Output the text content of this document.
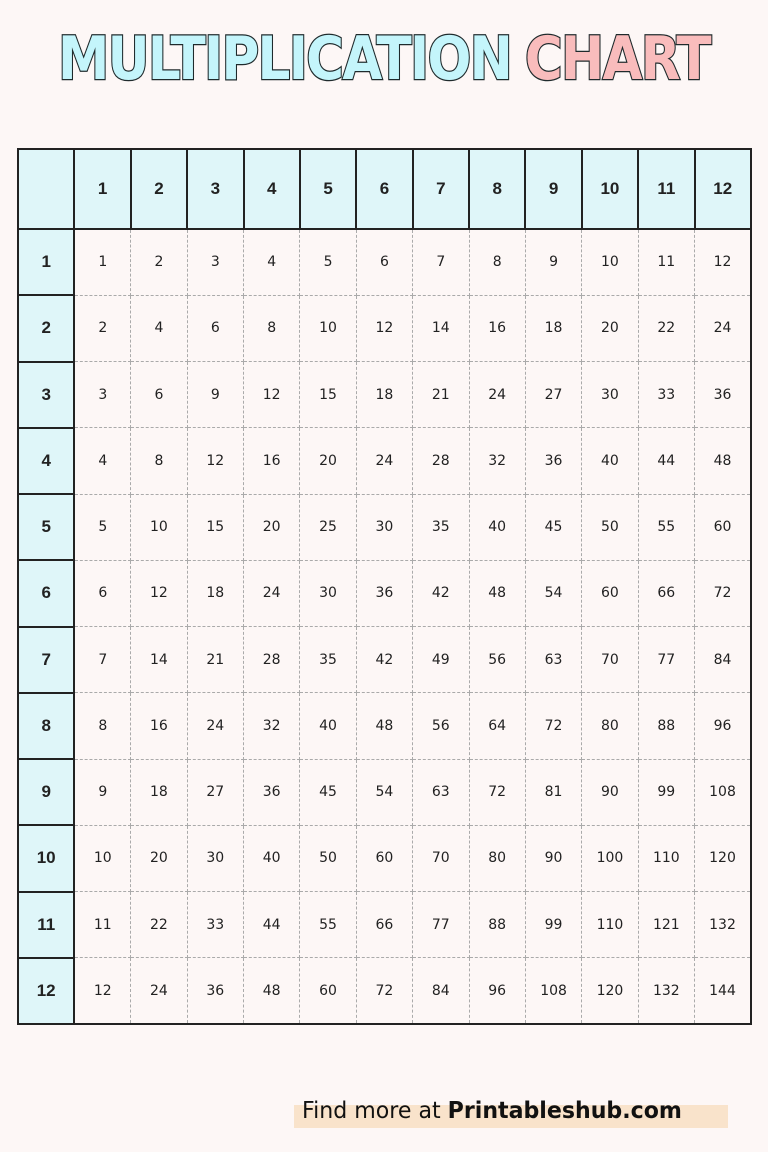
MULTIPLICATION CHART
	1	2	3	4	5	6	7	8	9	10	11	12
1	1	2	3	4	5	6	7	8	9	10	11	12
2	2	4	6	8	10	12	14	16	18	20	22	24
3	3	6	9	12	15	18	21	24	27	30	33	36
4	4	8	12	16	20	24	28	32	36	40	44	48
5	5	10	15	20	25	30	35	40	45	50	55	60
6	6	12	18	24	30	36	42	48	54	60	66	72
7	7	14	21	28	35	42	49	56	63	70	77	84
8	8	16	24	32	40	48	56	64	72	80	88	96
9	9	18	27	36	45	54	63	72	81	90	99	108
10	10	20	30	40	50	60	70	80	90	100	110	120
11	11	22	33	44	55	66	77	88	99	110	121	132
12	12	24	36	48	60	72	84	96	108	120	132	144
Find more at Printableshub.com
